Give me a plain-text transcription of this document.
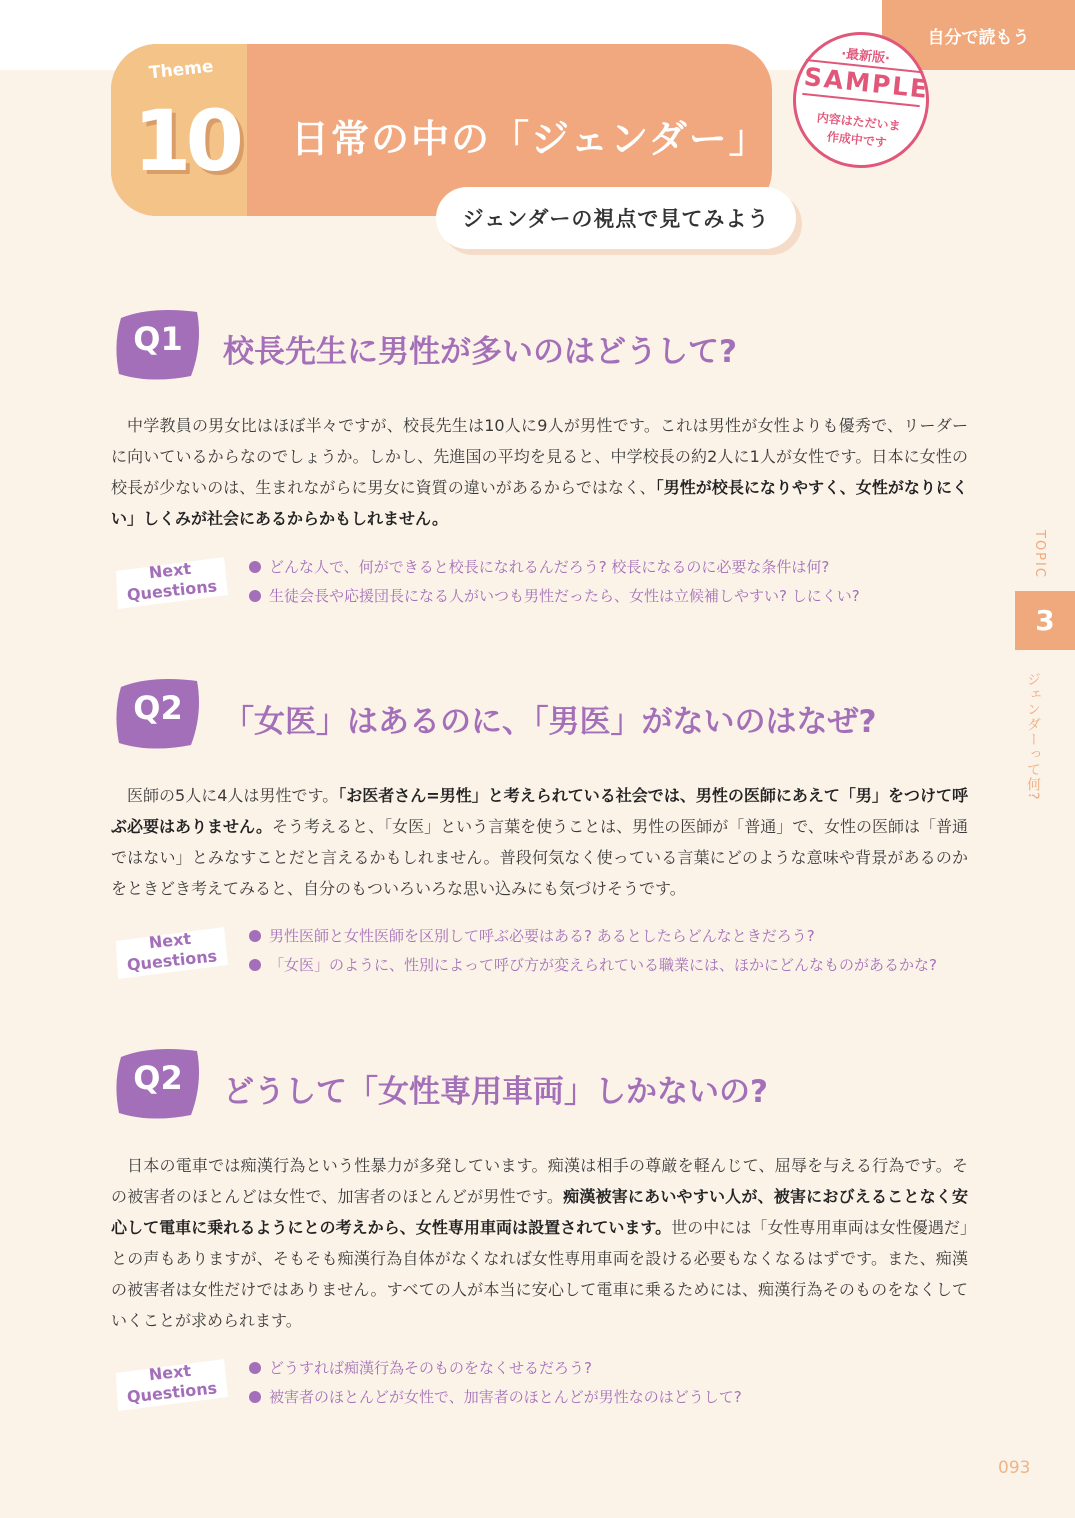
自分で読もう
Theme
10 日常の中の「ジェンダー」
ジェンダーの視点で見てみよう
·最新版·
SAMPLE
内容はただいま
作成中です
TOPIC
3
ジェンダーって何?
Q1	校長先生に男性が多いのはどうして?
中学教員の男女比はほぼ半々ですが、校長先生は10人に9人が男性です。これは男性が女性よりも優秀で、リーダーに向いているからなのでしょうか。しかし、先進国の平均を見ると、中学校長の約2人に1人が女性です。日本に女性の校長が少ないのは、生まれながらに男女に資質の違いがあるからではなく、「男性が校長になりやすく、女性がなりにくい」しくみが社会にあるからかもしれません。
Next
Questions
どんな人で、何ができると校長になれるんだろう? 校長になるのに必要な条件は何?
生徒会長や応援団長になる人がいつも男性だったら、女性は立候補しやすい? しにくい?
Q2	「女医」はあるのに、「男医」がないのはなぜ?
医師の5人に4人は男性です。「お医者さん=男性」と考えられている社会では、男性の医師にあえて「男」をつけて呼ぶ必要はありません。そう考えると、「女医」という言葉を使うことは、男性の医師が「普通」で、女性の医師は「普通ではない」とみなすことだと言えるかもしれません。普段何気なく使っている言葉にどのような意味や背景があるのかをときどき考えてみると、自分のもついろいろな思い込みにも気づけそうです。
Next
Questions
男性医師と女性医師を区別して呼ぶ必要はある? あるとしたらどんなときだろう?
「女医」のように、性別によって呼び方が変えられている職業には、ほかにどんなものがあるかな?
Q2	どうして「女性専用車両」しかないの?
日本の電車では痴漢行為という性暴力が多発しています。痴漢は相手の尊厳を軽んじて、屈辱を与える行為です。その被害者のほとんどは女性で、加害者のほとんどが男性です。痴漢被害にあいやすい人が、被害におびえることなく安心して電車に乗れるようにとの考えから、女性専用車両は設置されています。世の中には「女性専用車両は女性優遇だ」との声もありますが、そもそも痴漢行為自体がなくなれば女性専用車両を設ける必要もなくなるはずです。また、痴漢の被害者は女性だけではありません。すべての人が本当に安心して電車に乗るためには、痴漢行為そのものをなくしていくことが求められます。
Next
Questions
どうすれば痴漢行為そのものをなくせるだろう?
被害者のほとんどが女性で、加害者のほとんどが男性なのはどうして?
093
